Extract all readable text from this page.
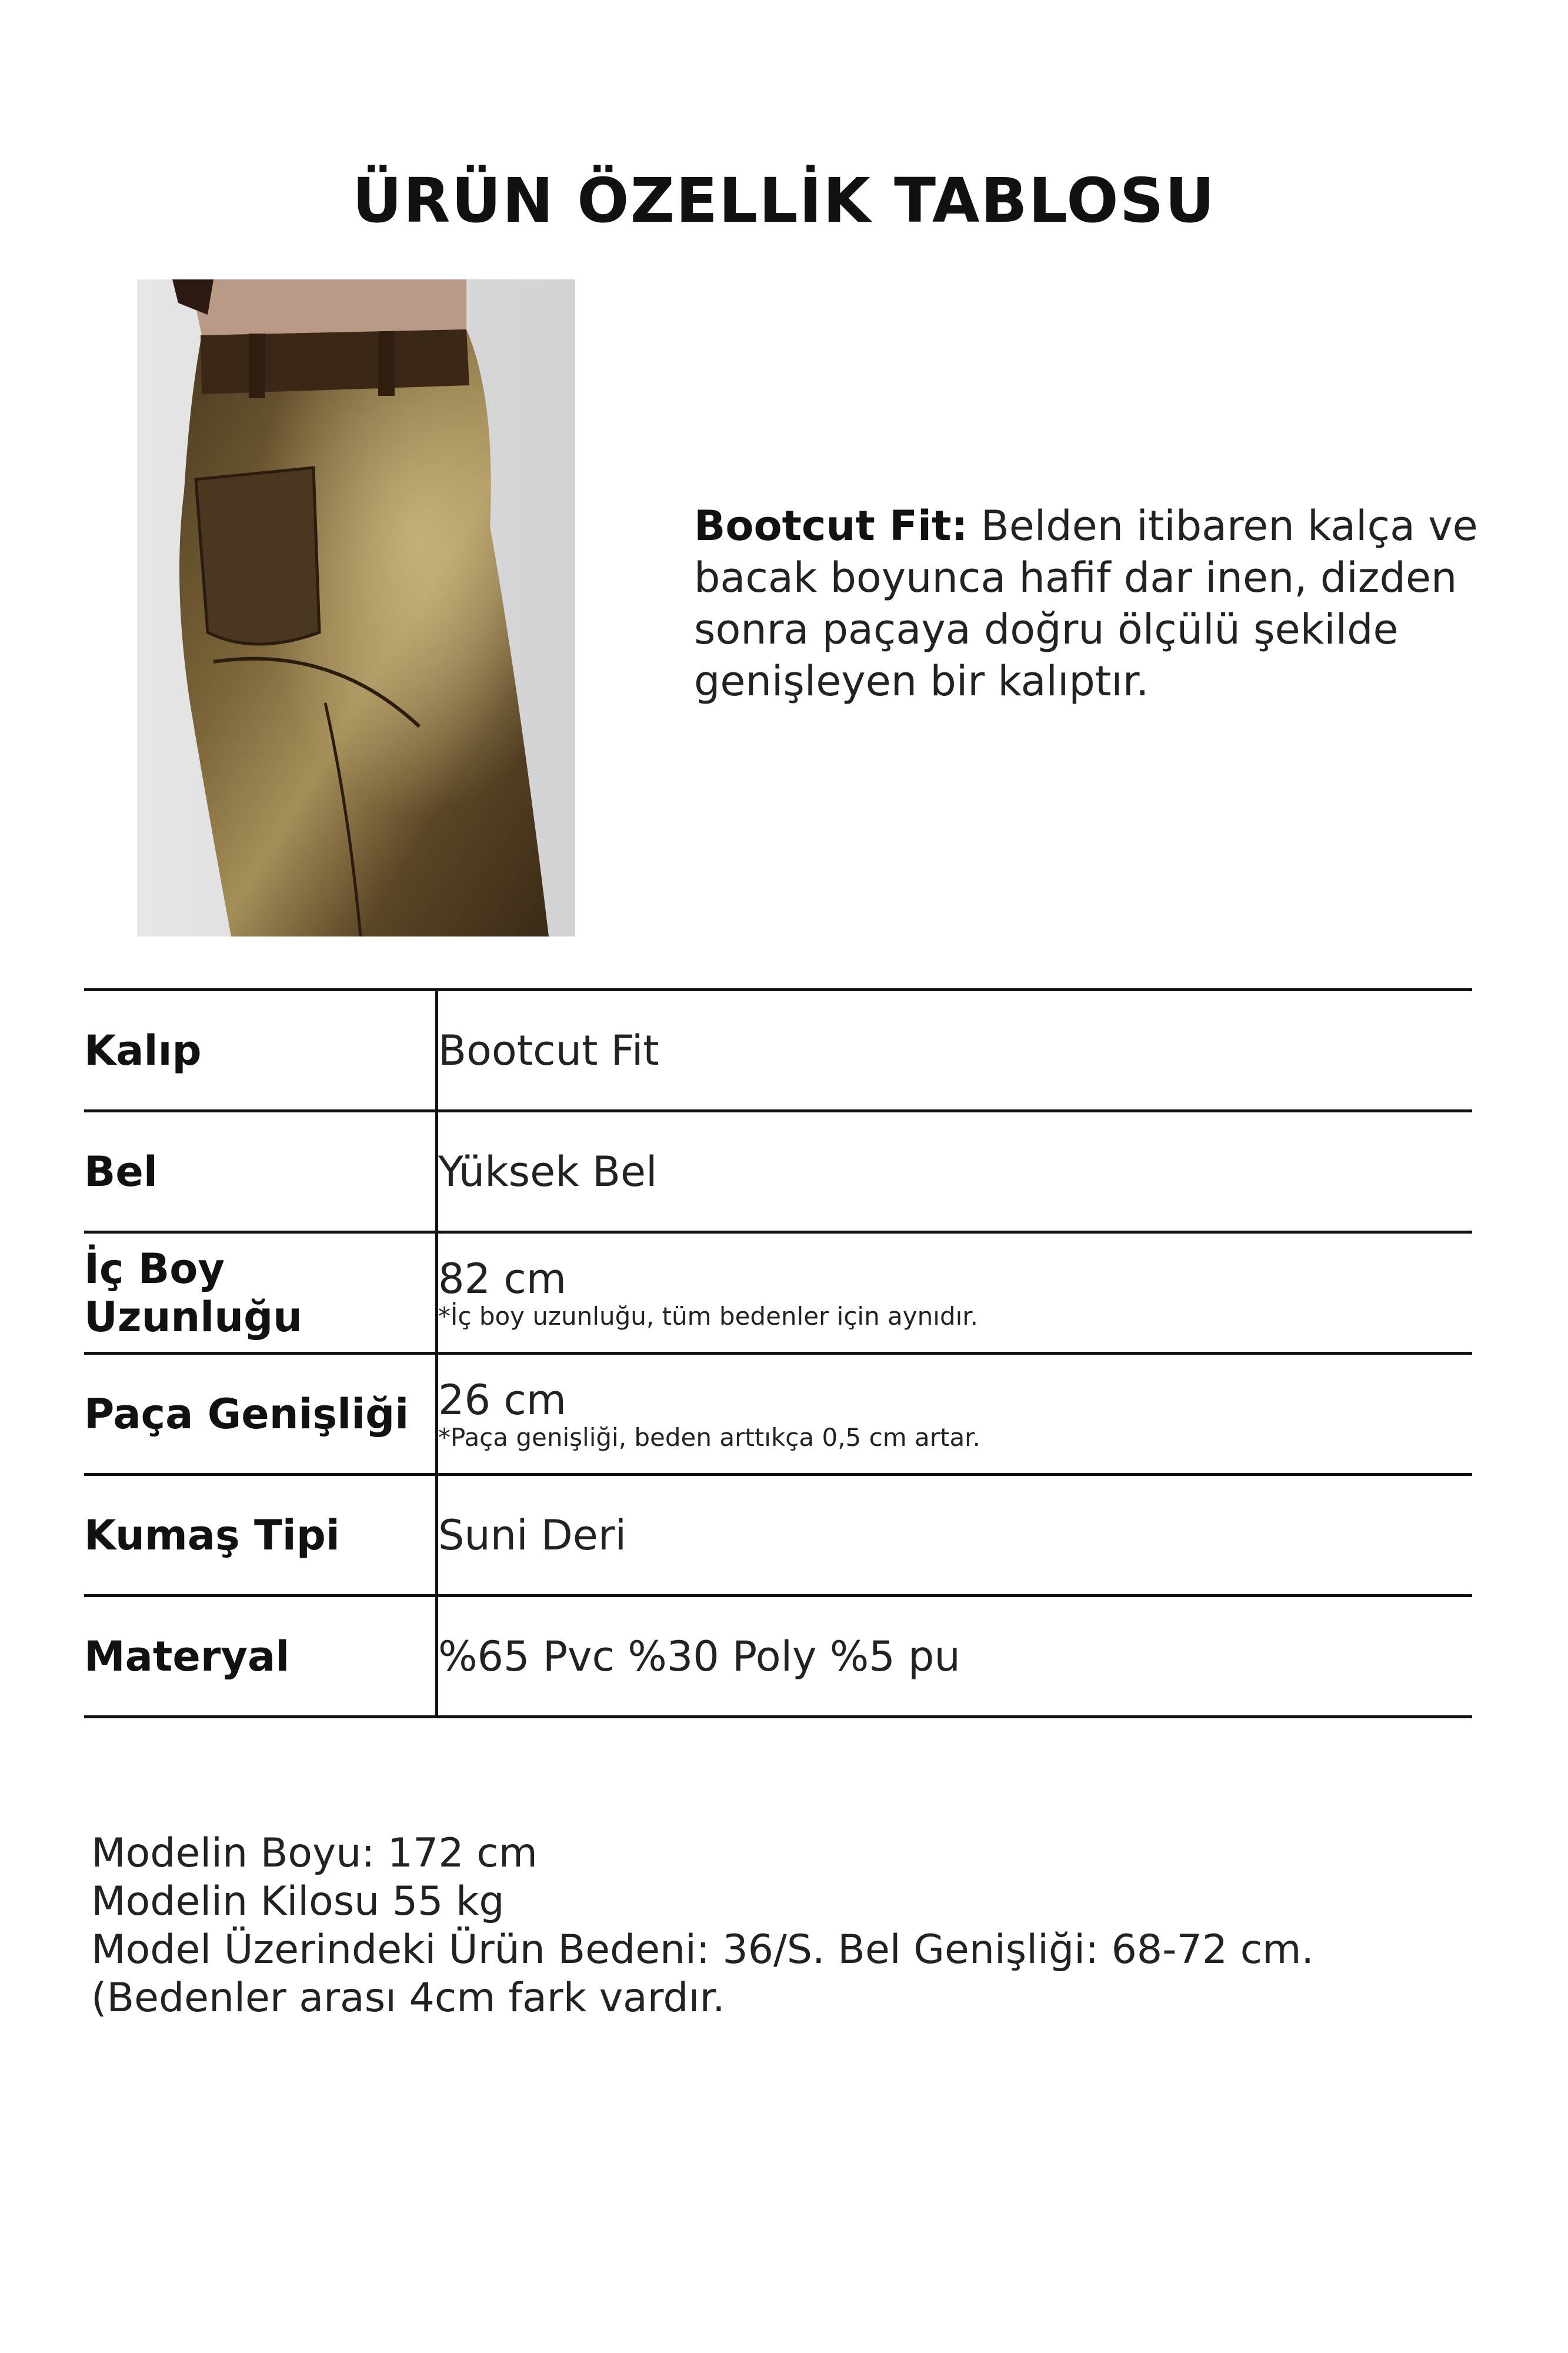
ÜRÜN ÖZELLİK TABLOSU
Bootcut Fit: Belden itibaren kalça ve bacak boyunca hafif dar inen, dizden sonra paçaya doğru ölçülü şekilde genişleyen bir kalıptır.
Kalıp	Bootcut Fit

Bel	Yüksek Bel

İç Boy Uzunluğu	82 cm
*İç boy uzunluğu, tüm bedenler için aynıdır.

Paça Genişliği	26 cm
*Paça genişliği, beden arttıkça 0,5 cm artar.

Kumaş Tipi	Suni Deri

Materyal	%65 Pvc %30 Poly %5 pu
Modelin Boyu: 172 cm
Modelin Kilosu 55 kg
Model Üzerindeki Ürün Bedeni: 36/S. Bel Genişliği: 68-72 cm. (Bedenler arası 4cm fark vardır.
